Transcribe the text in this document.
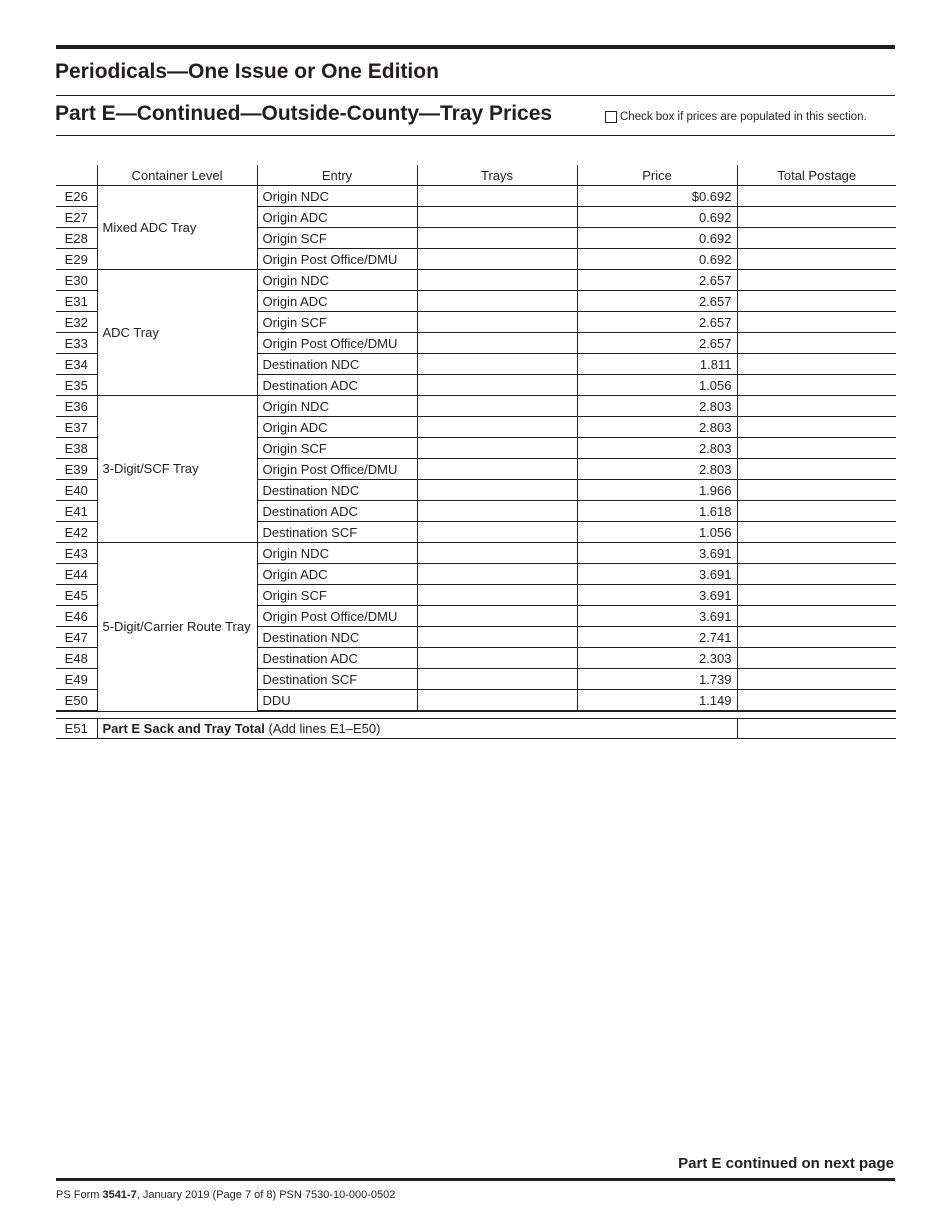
Periodicals—One Issue or One Edition
Part E—Continued—Outside-County—Tray Prices	Check box if prices are populated in this section.
	Container Level	Entry	Trays	Price	Total Postage
E26	Mixed ADC Tray	Origin NDC		$0.692	
E27		Origin ADC		0.692	
E28		Origin SCF		0.692	
E29		Origin Post Office/DMU		0.692	
E30	ADC Tray	Origin NDC		2.657	
E31		Origin ADC		2.657	
E32		Origin SCF		2.657	
E33		Origin Post Office/DMU		2.657	
E34		Destination NDC		1.811	
E35		Destination ADC		1.056	
E36	3-Digit/SCF Tray	Origin NDC		2.803	
E37		Origin ADC		2.803	
E38		Origin SCF		2.803	
E39		Origin Post Office/DMU		2.803	
E40		Destination NDC		1.966	
E41		Destination ADC		1.618	
E42		Destination SCF		1.056	
E43	5-Digit/Carrier Route Tray	Origin NDC		3.691	
E44		Origin ADC		3.691	
E45		Origin SCF		3.691	
E46		Origin Post Office/DMU		3.691	
E47		Destination NDC		2.741	
E48		Destination ADC		2.303	
E49		Destination SCF		1.739	
E50		DDU		1.149	
E51	Part E Sack and Tray Total (Add lines E1–E50)	
Part E continued on next page
PS Form 3541-7, January 2019 (Page 7 of 8) PSN 7530-10-000-0502
